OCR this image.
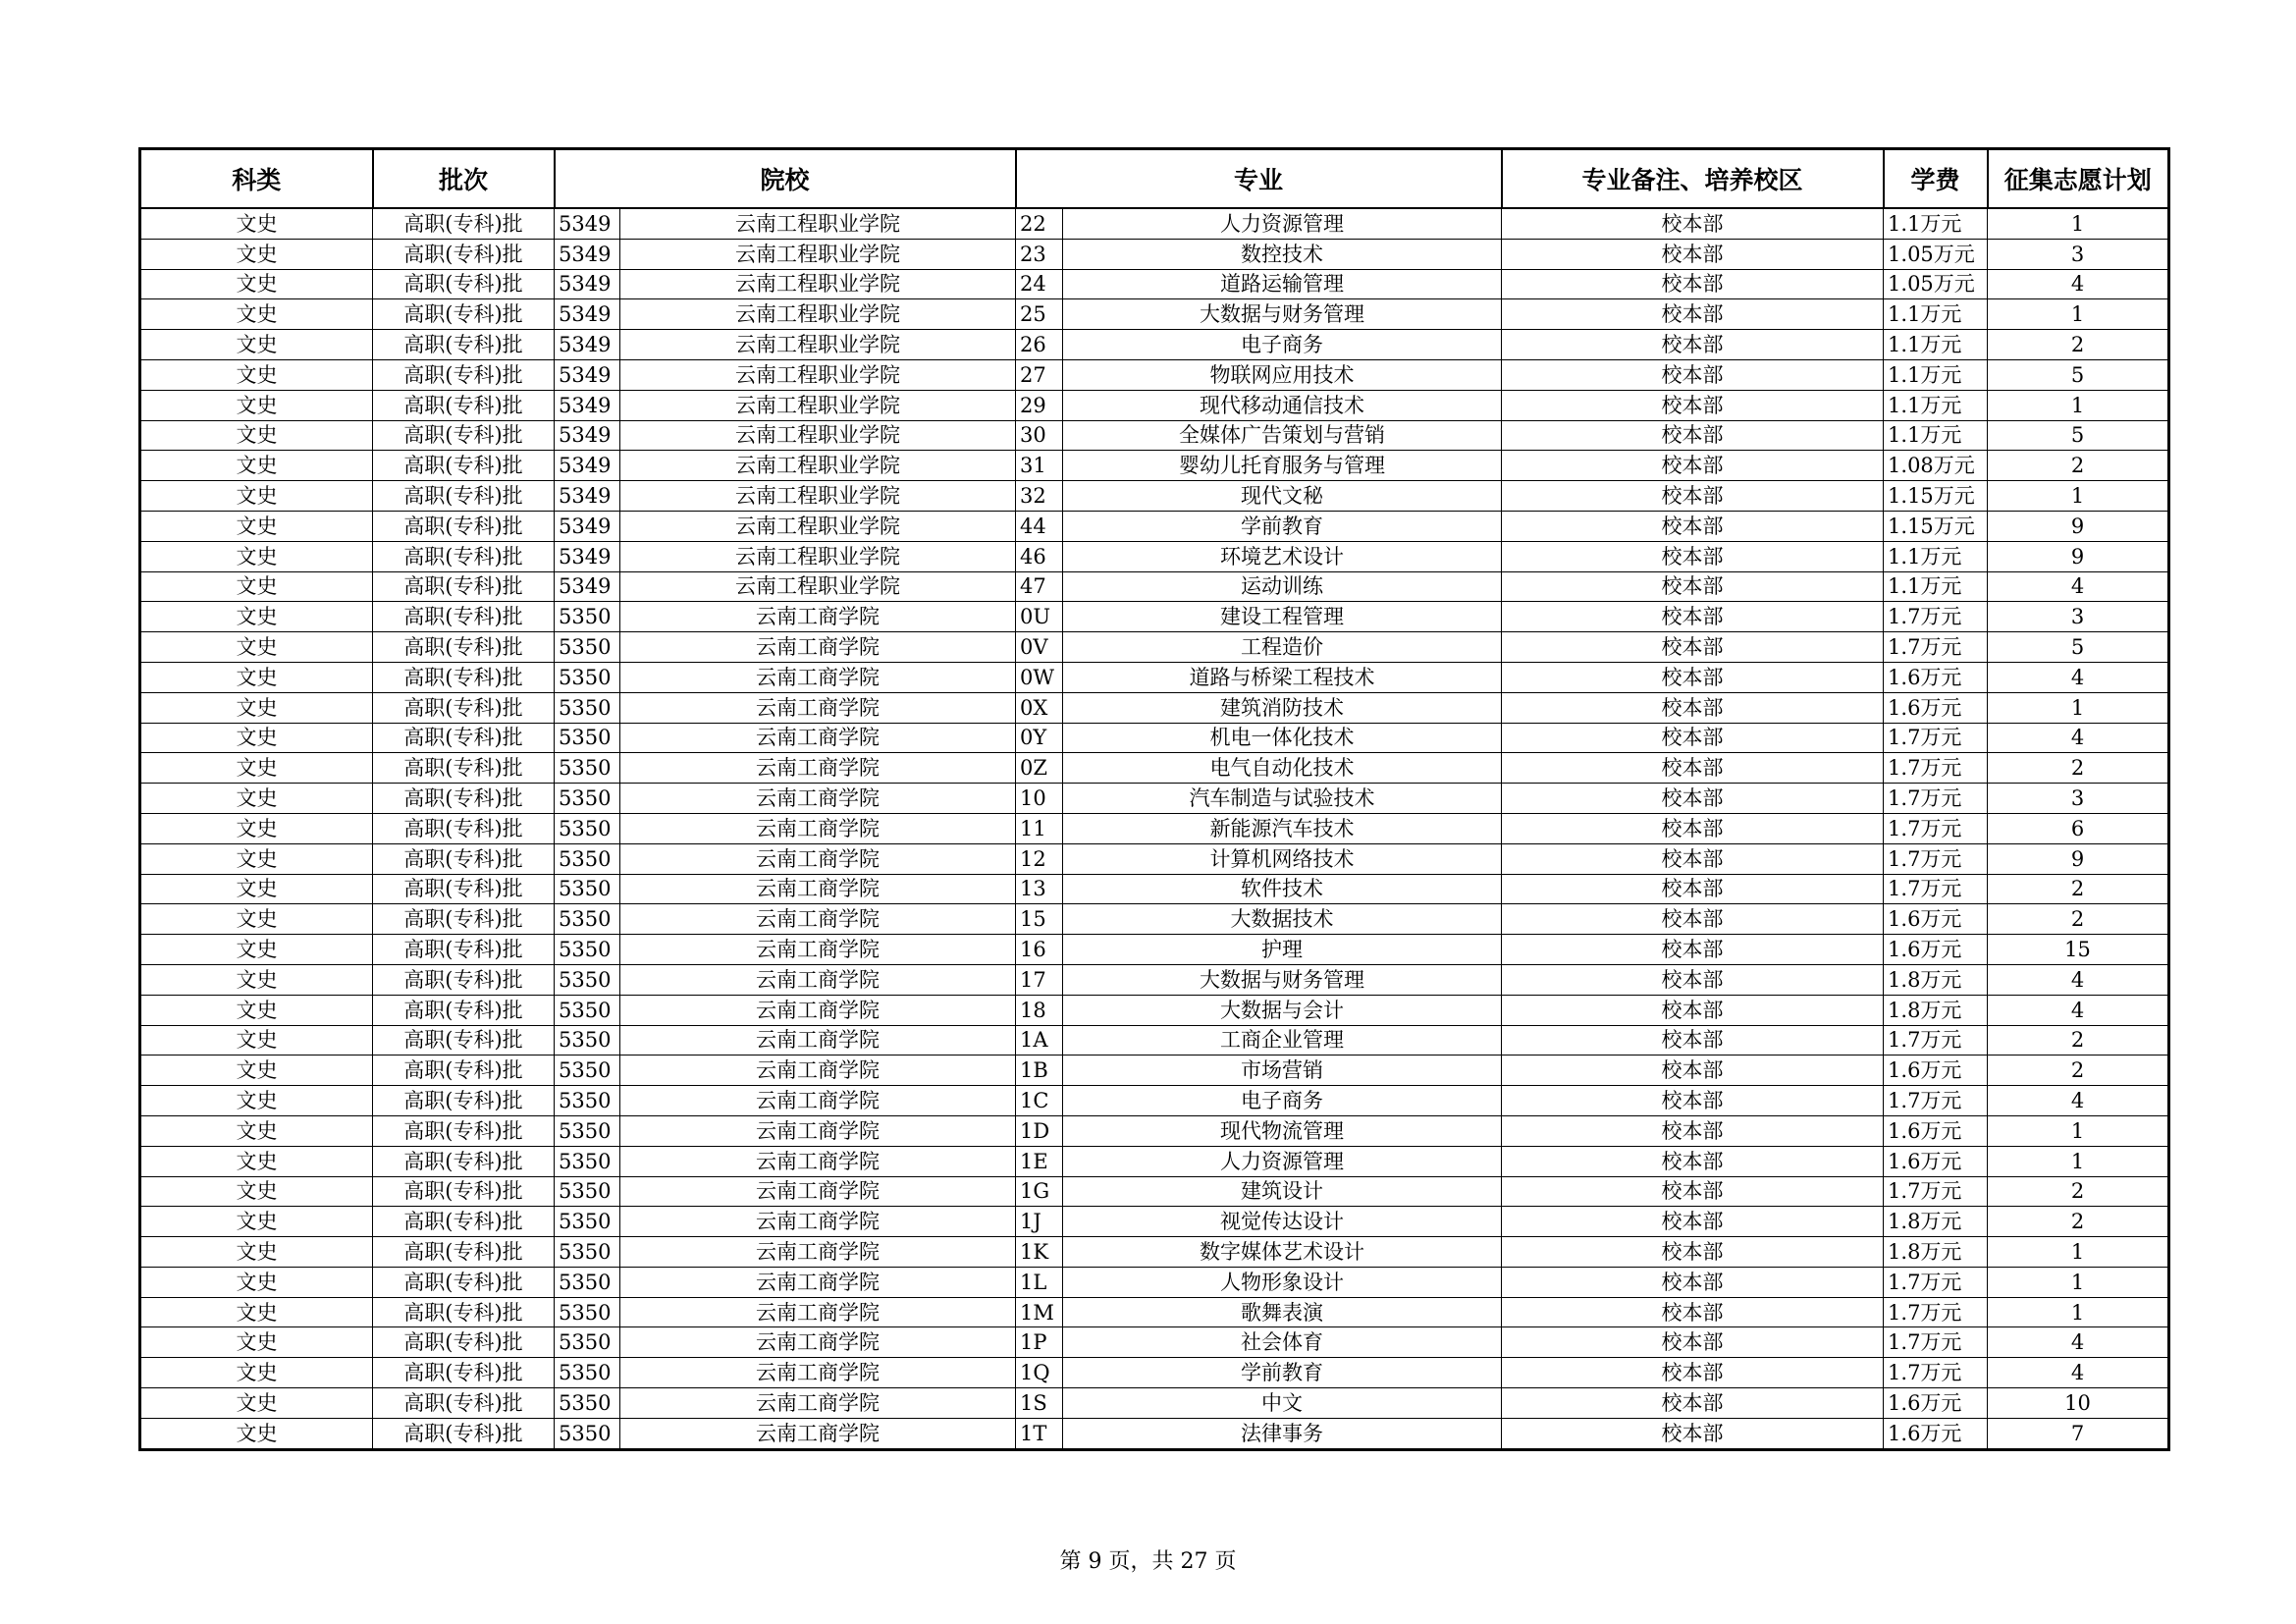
科类	批次	院校		专业		专业备注、培养校区	学费	征集志愿计划
文史	高职(专科)批	5349	云南工程职业学院	22	人力资源管理	校本部	1.1万元	1
文史	高职(专科)批	5349	云南工程职业学院	23	数控技术	校本部	1.05万元	3
文史	高职(专科)批	5349	云南工程职业学院	24	道路运输管理	校本部	1.05万元	4
文史	高职(专科)批	5349	云南工程职业学院	25	大数据与财务管理	校本部	1.1万元	1
文史	高职(专科)批	5349	云南工程职业学院	26	电子商务	校本部	1.1万元	2
文史	高职(专科)批	5349	云南工程职业学院	27	物联网应用技术	校本部	1.1万元	5
文史	高职(专科)批	5349	云南工程职业学院	29	现代移动通信技术	校本部	1.1万元	1
文史	高职(专科)批	5349	云南工程职业学院	30	全媒体广告策划与营销	校本部	1.1万元	5
文史	高职(专科)批	5349	云南工程职业学院	31	婴幼儿托育服务与管理	校本部	1.08万元	2
文史	高职(专科)批	5349	云南工程职业学院	32	现代文秘	校本部	1.15万元	1
文史	高职(专科)批	5349	云南工程职业学院	44	学前教育	校本部	1.15万元	9
文史	高职(专科)批	5349	云南工程职业学院	46	环境艺术设计	校本部	1.1万元	9
文史	高职(专科)批	5349	云南工程职业学院	47	运动训练	校本部	1.1万元	4
文史	高职(专科)批	5350	云南工商学院	0U	建设工程管理	校本部	1.7万元	3
文史	高职(专科)批	5350	云南工商学院	0V	工程造价	校本部	1.7万元	5
文史	高职(专科)批	5350	云南工商学院	0W	道路与桥梁工程技术	校本部	1.6万元	4
文史	高职(专科)批	5350	云南工商学院	0X	建筑消防技术	校本部	1.6万元	1
文史	高职(专科)批	5350	云南工商学院	0Y	机电一体化技术	校本部	1.7万元	4
文史	高职(专科)批	5350	云南工商学院	0Z	电气自动化技术	校本部	1.7万元	2
文史	高职(专科)批	5350	云南工商学院	10	汽车制造与试验技术	校本部	1.7万元	3
文史	高职(专科)批	5350	云南工商学院	11	新能源汽车技术	校本部	1.7万元	6
文史	高职(专科)批	5350	云南工商学院	12	计算机网络技术	校本部	1.7万元	9
文史	高职(专科)批	5350	云南工商学院	13	软件技术	校本部	1.7万元	2
文史	高职(专科)批	5350	云南工商学院	15	大数据技术	校本部	1.6万元	2
文史	高职(专科)批	5350	云南工商学院	16	护理	校本部	1.6万元	15
文史	高职(专科)批	5350	云南工商学院	17	大数据与财务管理	校本部	1.8万元	4
文史	高职(专科)批	5350	云南工商学院	18	大数据与会计	校本部	1.8万元	4
文史	高职(专科)批	5350	云南工商学院	1A	工商企业管理	校本部	1.7万元	2
文史	高职(专科)批	5350	云南工商学院	1B	市场营销	校本部	1.6万元	2
文史	高职(专科)批	5350	云南工商学院	1C	电子商务	校本部	1.7万元	4
文史	高职(专科)批	5350	云南工商学院	1D	现代物流管理	校本部	1.6万元	1
文史	高职(专科)批	5350	云南工商学院	1E	人力资源管理	校本部	1.6万元	1
文史	高职(专科)批	5350	云南工商学院	1G	建筑设计	校本部	1.7万元	2
文史	高职(专科)批	5350	云南工商学院	1J	视觉传达设计	校本部	1.8万元	2
文史	高职(专科)批	5350	云南工商学院	1K	数字媒体艺术设计	校本部	1.8万元	1
文史	高职(专科)批	5350	云南工商学院	1L	人物形象设计	校本部	1.7万元	1
文史	高职(专科)批	5350	云南工商学院	1M	歌舞表演	校本部	1.7万元	1
文史	高职(专科)批	5350	云南工商学院	1P	社会体育	校本部	1.7万元	4
文史	高职(专科)批	5350	云南工商学院	1Q	学前教育	校本部	1.7万元	4
文史	高职(专科)批	5350	云南工商学院	1S	中文	校本部	1.6万元	10
文史	高职(专科)批	5350	云南工商学院	1T	法律事务	校本部	1.6万元	7
第 9 页，共 27 页
